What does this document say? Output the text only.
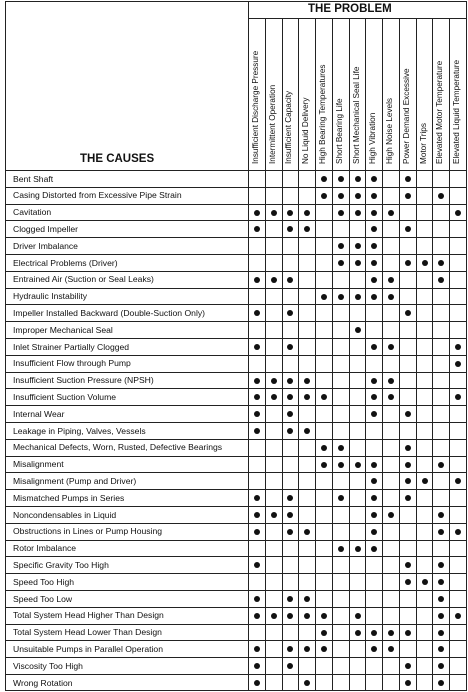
THE PROBLEM
THE CAUSES	Insufficient Discharge Pressure Intermittent Operation Insufficient Capacity No Liquid Delivery High Bearing Temperatures Short Bearing Life Short Mechanical Seal Life High Vibration High Noise Levels Power Demand Excessive Motor Trips Elevated Motor Temperature Elevated Liquid Temperature
Bent Shaft
Casing Distorted from Excessive Pipe Strain
Cavitation
Clogged Impeller
Driver Imbalance
Electrical Problems (Driver)
Entrained Air (Suction or Seal Leaks)
Hydraulic Instability
Impeller Installed Backward (Double-Suction Only)
Improper Mechanical Seal
Inlet Strainer Partially Clogged
Insufficient Flow through Pump
Insufficient Suction Pressure (NPSH)
Insufficient Suction Volume
Internal Wear
Leakage in Piping, Valves, Vessels
Mechanical Defects, Worn, Rusted, Defective Bearings
Misalignment
Misalignment (Pump and Driver)
Mismatched Pumps in Series
Noncondensables in Liquid
Obstructions in Lines or Pump Housing
Rotor Imbalance
Specific Gravity Too High
Speed Too High
Speed Too Low
Total System Head Higher Than Design
Total System Head Lower Than Design
Unsuitable Pumps in Parallel Operation
Viscosity Too High
Wrong Rotation
